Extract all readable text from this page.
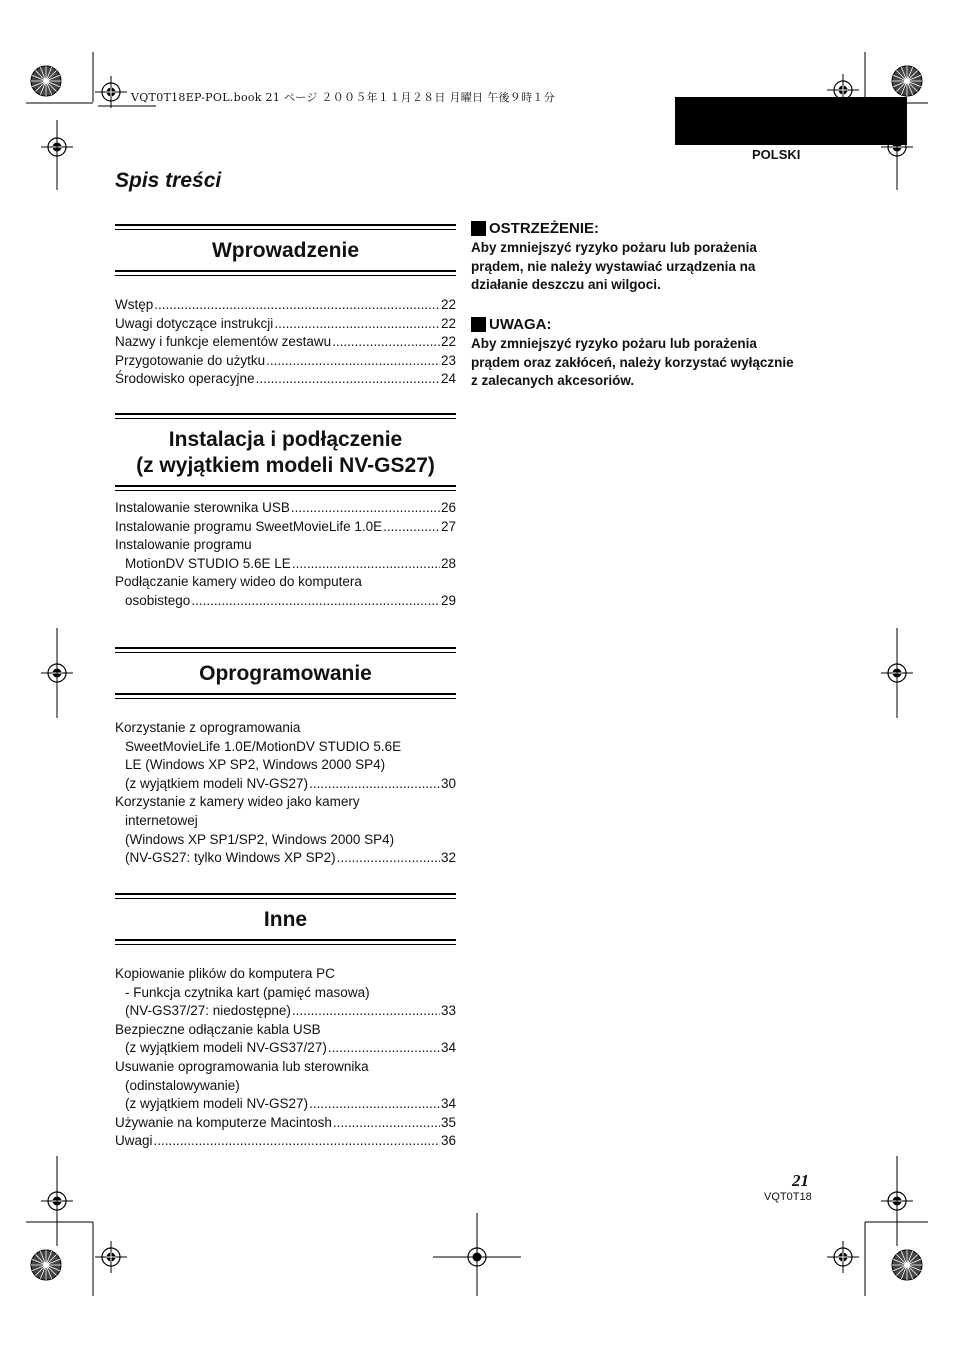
VQT0T18EP-POL.book 21 ページ ２００５年１１月２８日 月曜日 午後９時１分
POLSKI
Spis treści
Wprowadzenie
Wstęp .....	22
Uwagi dotyczące instrukcji .....	22
Nazwy i funkcje elementów zestawu .....	22
Przygotowanie do użytku .....	23
Środowisko operacyjne .....	24
Instalacja i podłączenie
(z wyjątkiem modeli NV-GS27)
Instalowanie sterownika USB .....	26
Instalowanie programu SweetMovieLife 1.0E .....	27
Instalowanie programu
MotionDV STUDIO 5.6E LE .....	28
Podłączanie kamery wideo do komputera
osobistego .....	29
Oprogramowanie
Korzystanie z oprogramowania
SweetMovieLife 1.0E/MotionDV STUDIO 5.6E
LE (Windows XP SP2, Windows 2000 SP4)
(z wyjątkiem modeli NV-GS27) .....	30
Korzystanie z kamery wideo jako kamery
internetowej
(Windows XP SP1/SP2, Windows 2000 SP4)
(NV-GS27: tylko Windows XP SP2) .....	32
Inne
Kopiowanie plików do komputera PC
- Funkcja czytnika kart (pamięć masowa)
(NV-GS37/27: niedostępne) .....	33
Bezpieczne odłączanie kabla USB
(z wyjątkiem modeli NV-GS37/27) .....	34
Usuwanie oprogramowania lub sterownika
(odinstalowywanie)
(z wyjątkiem modeli NV-GS27) .....	34
Używanie na komputerze Macintosh .....	35
Uwagi .....	36
OSTRZEŻENIE:
Aby zmniejszyć ryzyko pożaru lub porażenia prądem, nie należy wystawiać urządzenia na działanie deszczu ani wilgoci.
UWAGA:
Aby zmniejszyć ryzyko pożaru lub porażenia prądem oraz zakłóceń, należy korzystać wyłącznie z zalecanych akcesoriów.
21
VQT0T18
